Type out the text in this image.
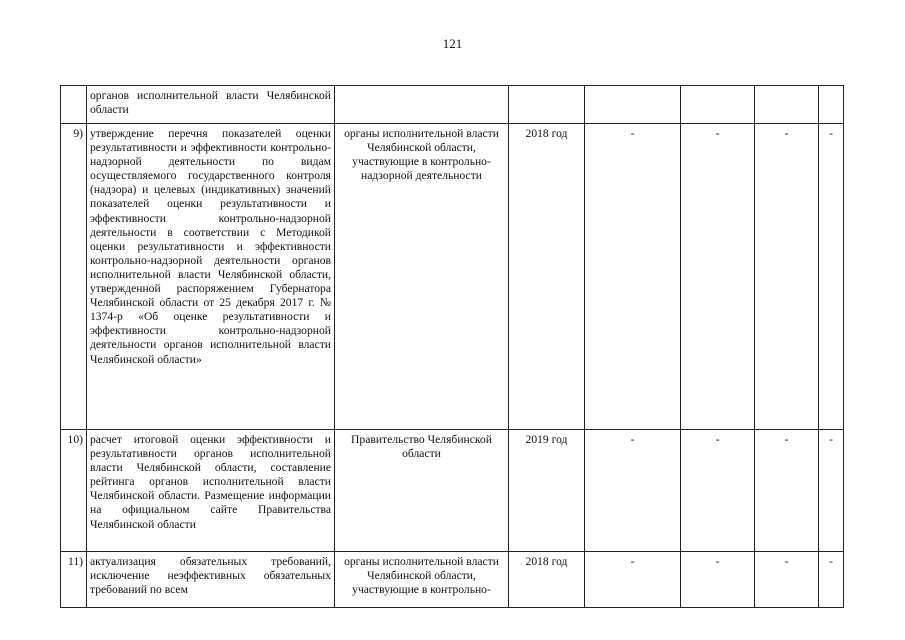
121
	органов исполнительной власти Челябинской области						
9)	утверждение перечня показателей оценки результативности и эффективности контрольно-надзорной деятельности по видам осуществляемого государственного контроля (надзора) и целевых (индикативных) значений показателей оценки результативности и эффективности контрольно-надзорной деятельности в соответствии с Методикой оценки результативности и эффективности контрольно-надзорной деятельности органов исполнительной власти Челябинской области, утвержденной распоряжением Губернатора Челябинской области от 25 декабря 2017 г. № 1374-р «Об оценке результативности и эффективности контрольно-надзорной деятельности органов исполнительной власти Челябинской области»	органы исполнительной власти Челябинской области, участвующие в контрольно-надзорной деятельности	2018 год	-	-	-	-
10)	расчет итоговой оценки эффективности и результативности органов исполнительной власти Челябинской области, составление рейтинга органов исполнительной власти Челябинской области. Размещение информации на официальном сайте Правительства Челябинской области	Правительство Челябинской области	2019 год	-	-	-	-
11)	актуализация обязательных требований, исключение неэффективных обязательных требований по всем	органы исполнительной власти Челябинской области, участвующие в контрольно-	2018 год	-	-	-	-
